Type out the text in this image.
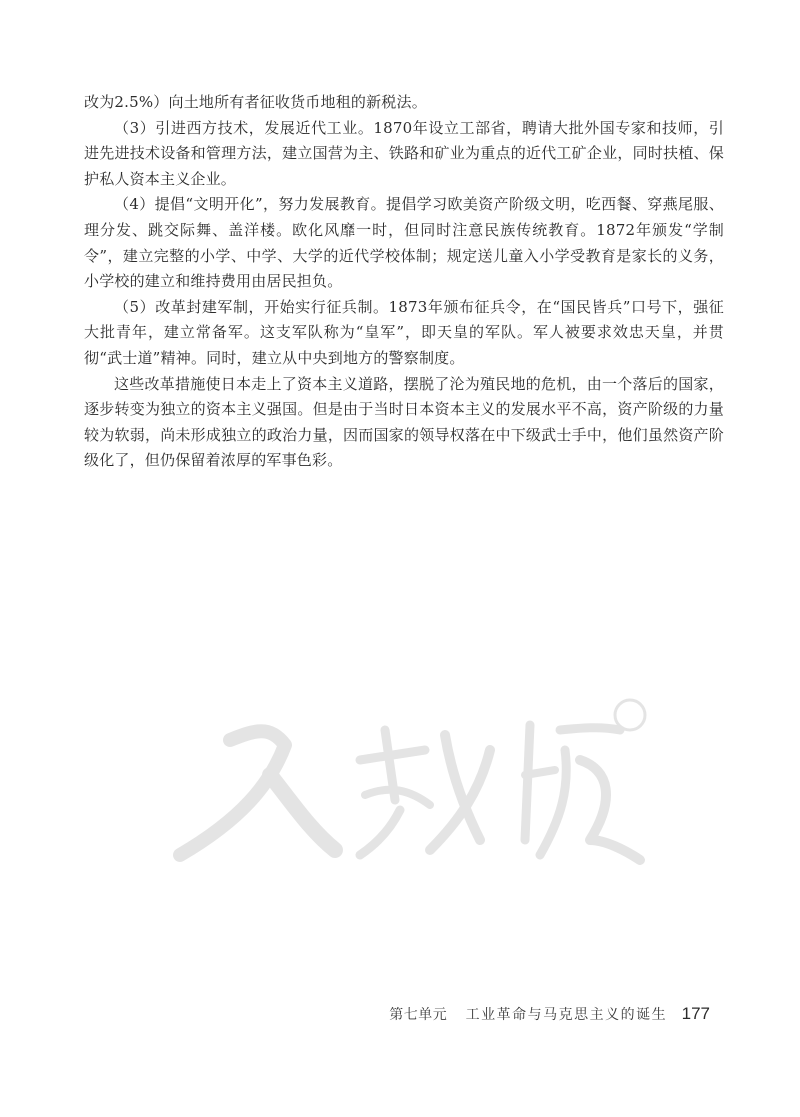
改为2.5%）向土地所有者征收货币地租的新税法。

（3）引进西方技术，发展近代工业。1870年设立工部省，聘请大批外国专家和技师，引进先进技术设备和管理方法，建立国营为主、铁路和矿业为重点的近代工矿企业，同时扶植、保护私人资本主义企业。

（4）提倡“文明开化”，努力发展教育。提倡学习欧美资产阶级文明，吃西餐、穿燕尾服、理分发、跳交际舞、盖洋楼。欧化风靡一时，但同时注意民族传统教育。1872年颁发“学制令”，建立完整的小学、中学、大学的近代学校体制；规定送儿童入小学受教育是家长的义务，小学校的建立和维持费用由居民担负。

（5）改革封建军制，开始实行征兵制。1873年颁布征兵令，在“国民皆兵”口号下，强征大批青年，建立常备军。这支军队称为“皇军”，即天皇的军队。军人被要求效忠天皇，并贯彻“武士道”精神。同时，建立从中央到地方的警察制度。

这些改革措施使日本走上了资本主义道路，摆脱了沦为殖民地的危机，由一个落后的国家，逐步转变为独立的资本主义强国。但是由于当时日本资本主义的发展水平不高，资产阶级的力量较为软弱，尚未形成独立的政治力量，因而国家的领导权落在中下级武士手中，他们虽然资产阶级化了，但仍保留着浓厚的军事色彩。

第七单元 工业革命与马克思主义的诞生 177
